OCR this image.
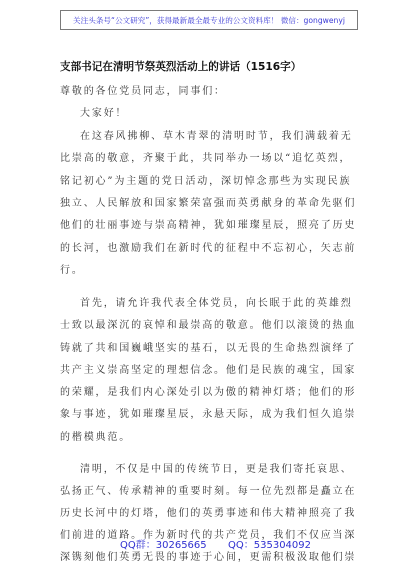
关注头条号“公文研究”，获得最新最全最专业的公文资料库！ 微信：gongwenyj
支部书记在清明节祭英烈活动上的讲话（1516字）
尊敬的各位党员同志，同事们：
大家好！
在这春风拂柳、草木青翠的清明时节，我们满载着无
比崇高的敬意，齐聚于此，共同举办一场以“追忆英烈，
铭记初心”为主题的党日活动，深切悼念那些为实现民族
独立、人民解放和国家繁荣富强而英勇献身的革命先驱们
他们的壮丽事迹与崇高精神，犹如璀璨星辰，照亮了历史
的长河，也激励我们在新时代的征程中不忘初心，矢志前
行。
首先，请允许我代表全体党员，向长眠于此的英雄烈
士致以最深沉的哀悼和最崇高的敬意。他们以滚烫的热血
铸就了共和国巍峨坚实的基石，以无畏的生命热烈演绎了
共产主义崇高坚定的理想信念。他们是民族的魂宝，国家
的荣耀，是我们内心深处引以为傲的精神灯塔；他们的形
象与事迹，犹如璀璨星辰，永悬天际，成为我们恒久追崇
的楷模典范。
清明，不仅是中国的传统节日，更是我们寄托哀思、
弘扬正气、传承精神的重要时刻。每一位先烈都是矗立在
历史长河中的灯塔，他们的英勇事迹和伟大精神照亮了我
们前进的道路。作为新时代的共产党员，我们不仅应当深
深镌刻他们英勇无畏的事迹于心间，更需积极汲取他们崇
QQ群：30265665 QQ：535304092
